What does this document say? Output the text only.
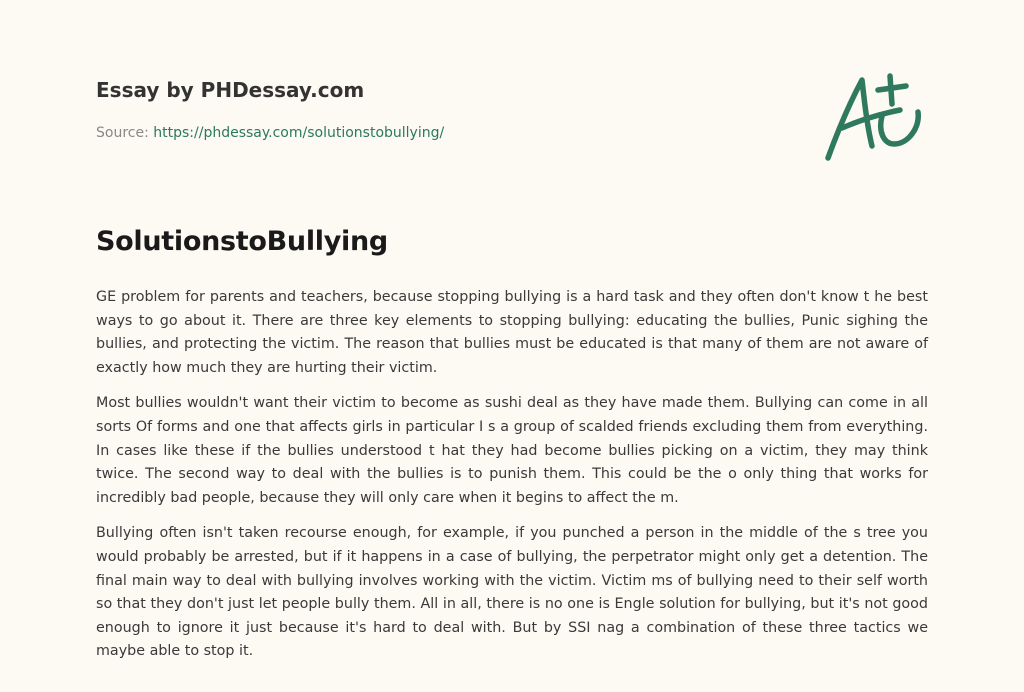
Essay by PHDessay.com

Source: https://phdessay.com/solutionstobullying/
SolutionstoBullying

GE problem for parents and teachers, because stopping bullying is a hard task and they often don't know t he best ways to go about it. There are three key elements to stopping bullying: educating the bullies, Punic sighing the bullies, and protecting the victim. The reason that bullies must be educated is that many of them are not aware of exactly how much they are hurting their victim.

Most bullies wouldn't want their victim to become as sushi deal as they have made them. Bullying can come in all sorts Of forms and one that affects girls in particular I s a group of scalded friends excluding them from everything. In cases like these if the bullies understood t hat they had become bullies picking on a victim, they may think twice. The second way to deal with the bullies is to punish them. This could be the o only thing that works for incredibly bad people, because they will only care when it begins to affect the m.

Bullying often isn't taken recourse enough, for example, if you punched a person in the middle of the s tree you would probably be arrested, but if it happens in a case of bullying, the perpetrator might only get a detention. The final main way to deal with bullying involves working with the victim. Victim ms of bullying need to their self worth so that they don't just let people bully them. All in all, there is no one is Engle solution for bullying, but it's not good enough to ignore it just because it's hard to deal with. But by SSI nag a combination of these three tactics we maybe able to stop it.
